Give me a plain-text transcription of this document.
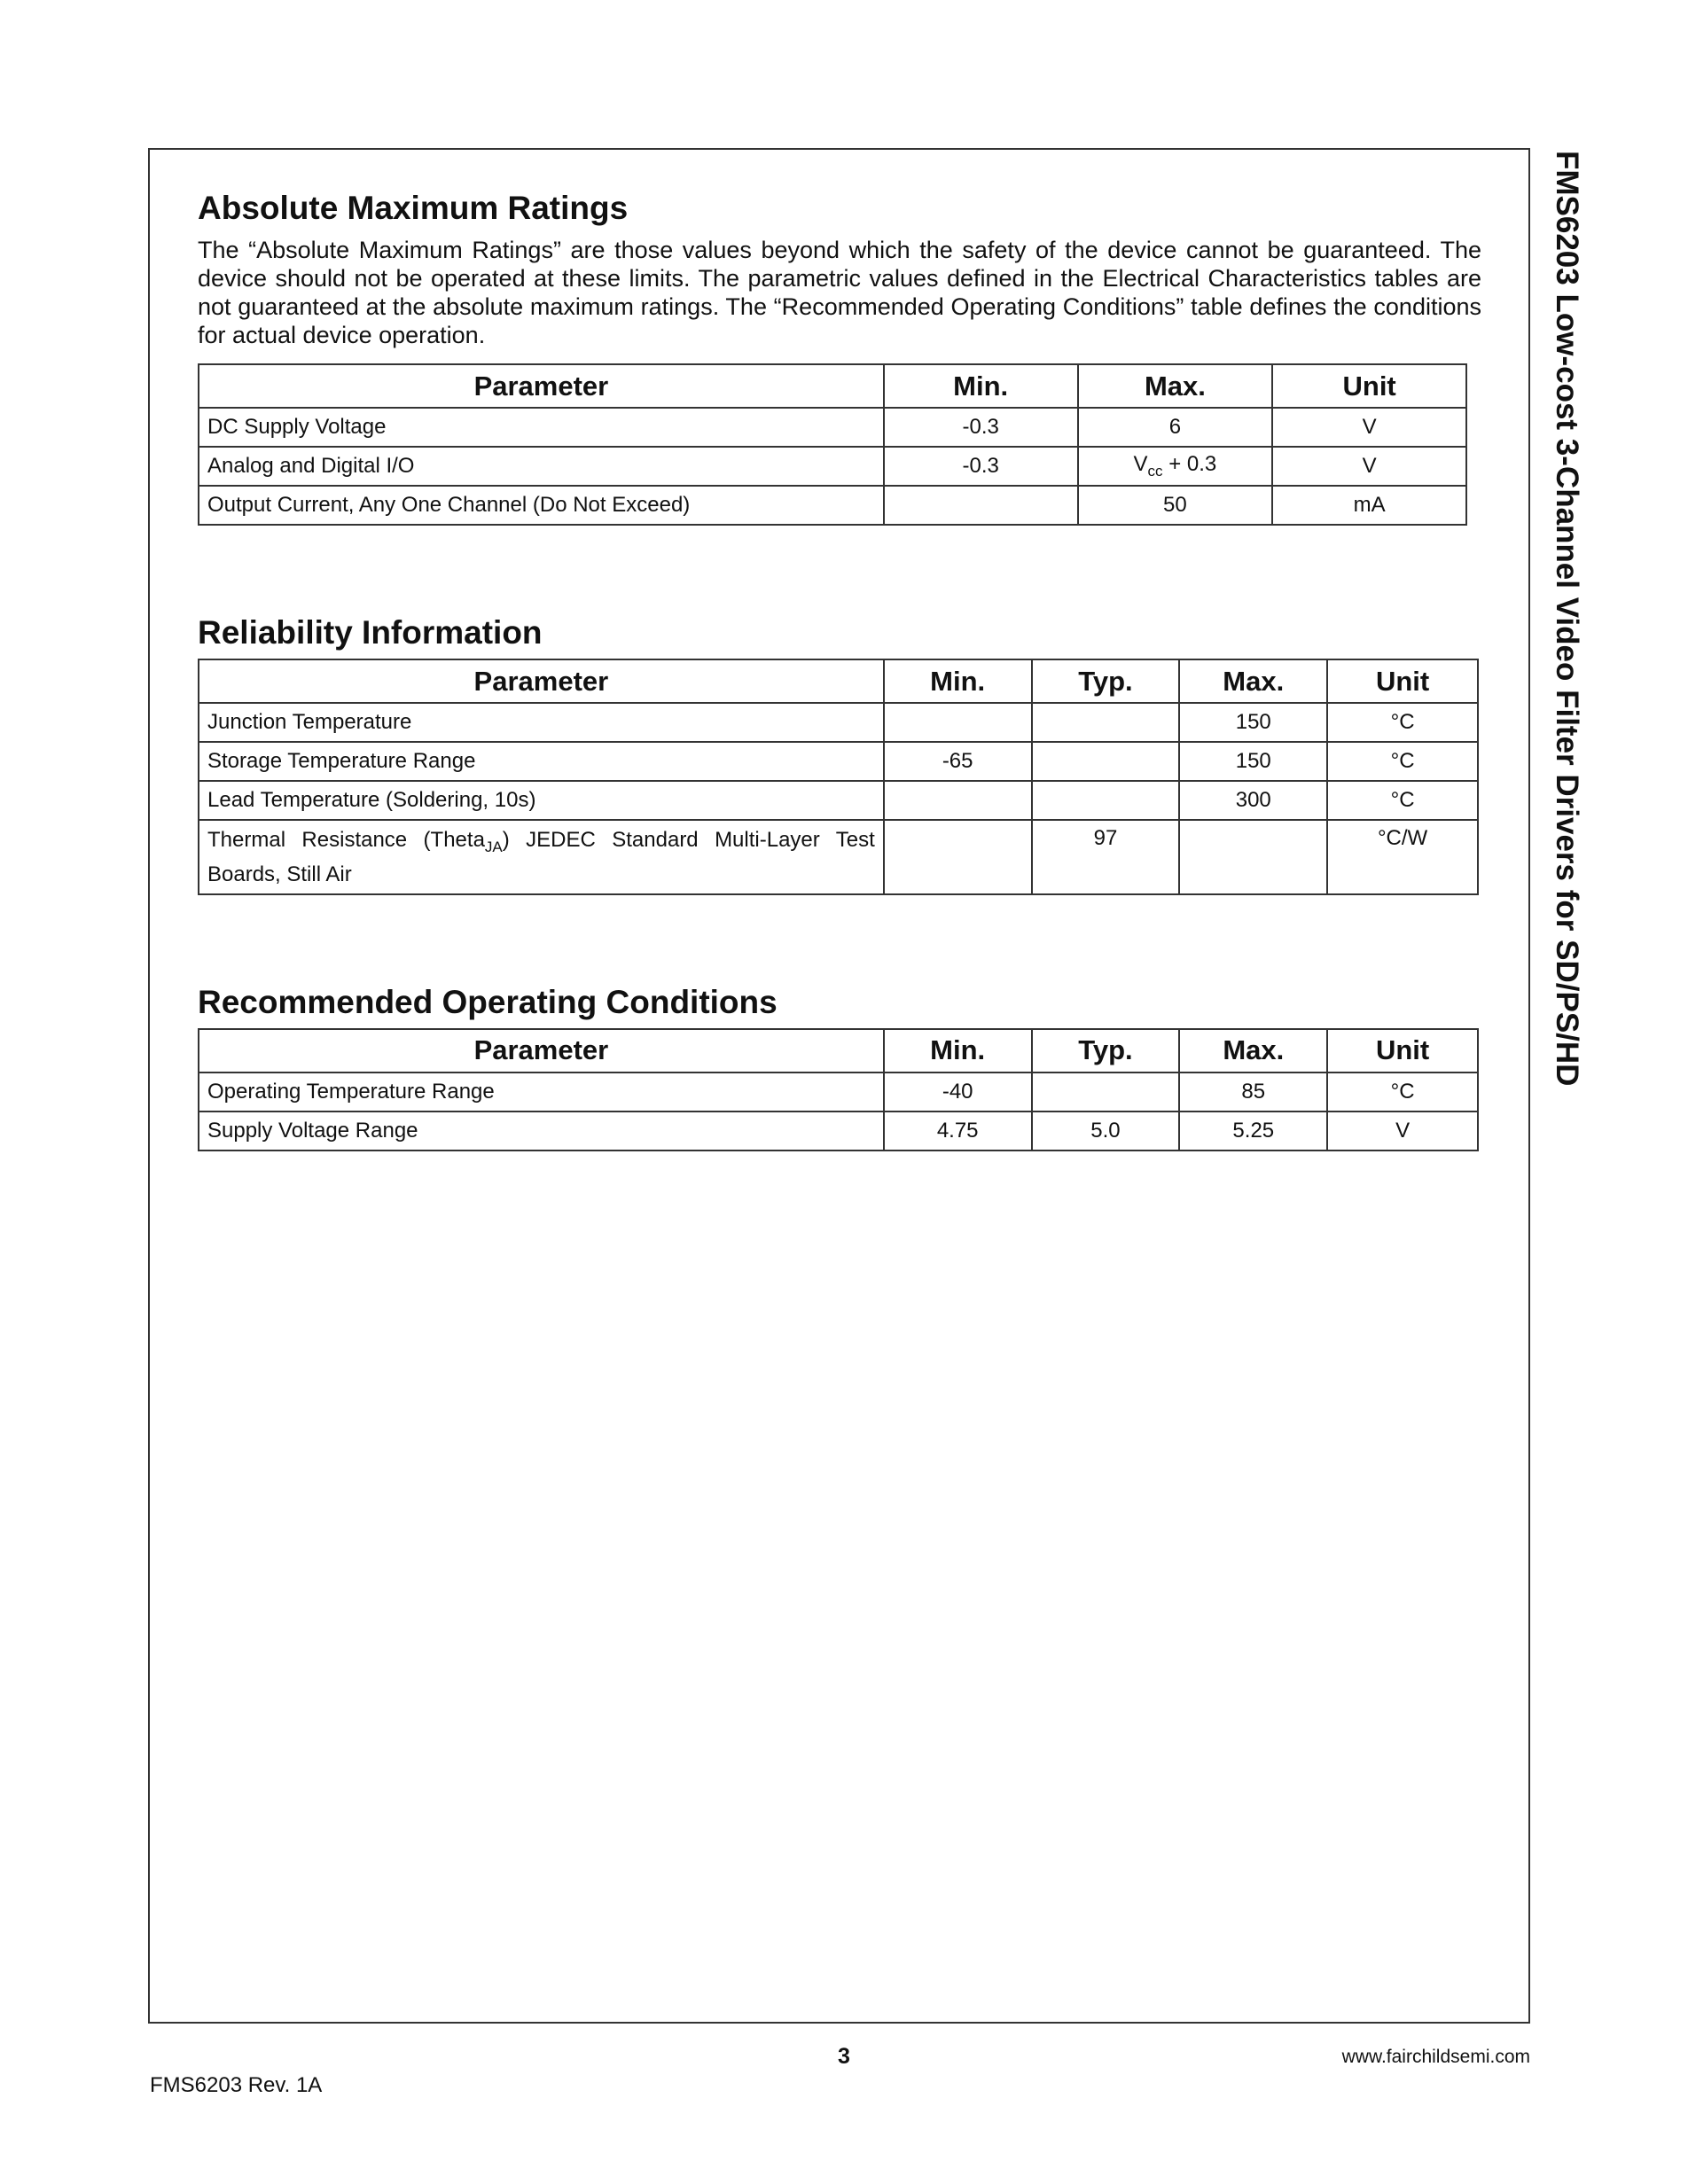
FMS6203 Low-cost 3-Channel Video Filter Drivers for SD/PS/HD
Absolute Maximum Ratings

The “Absolute Maximum Ratings” are those values beyond which the safety of the device cannot be guaranteed. The device should not be operated at these limits. The parametric values defined in the Electrical Characteristics tables are not guaranteed at the absolute maximum ratings. The “Recommended Operating Conditions” table defines the conditions for actual device operation.

Parameter	Min.	Max.	Unit
DC Supply Voltage	-0.3	6	V
Analog and Digital I/O	-0.3	$V_{cc} + 0.3$	V
Output Current, Any One Channel (Do Not Exceed)		50	mA
Reliability Information
Parameter	Min.	Typ.	Max.	Unit
Junction Temperature			150	°C
Storage Temperature Range	-65		150	°C
Lead Temperature (Soldering, 10s)			300	°C
Thermal Resistance (Theta$_{JA}$) JEDEC Standard Multi-Layer Test Boards, Still Air		97		°C/W
Recommended Operating Conditions
Parameter	Min.	Typ.	Max.	Unit
Operating Temperature Range	-40		85	°C
Supply Voltage Range	4.75	5.0	5.25	V
3	www.fairchildsemi.com
FMS6203 Rev. 1A
